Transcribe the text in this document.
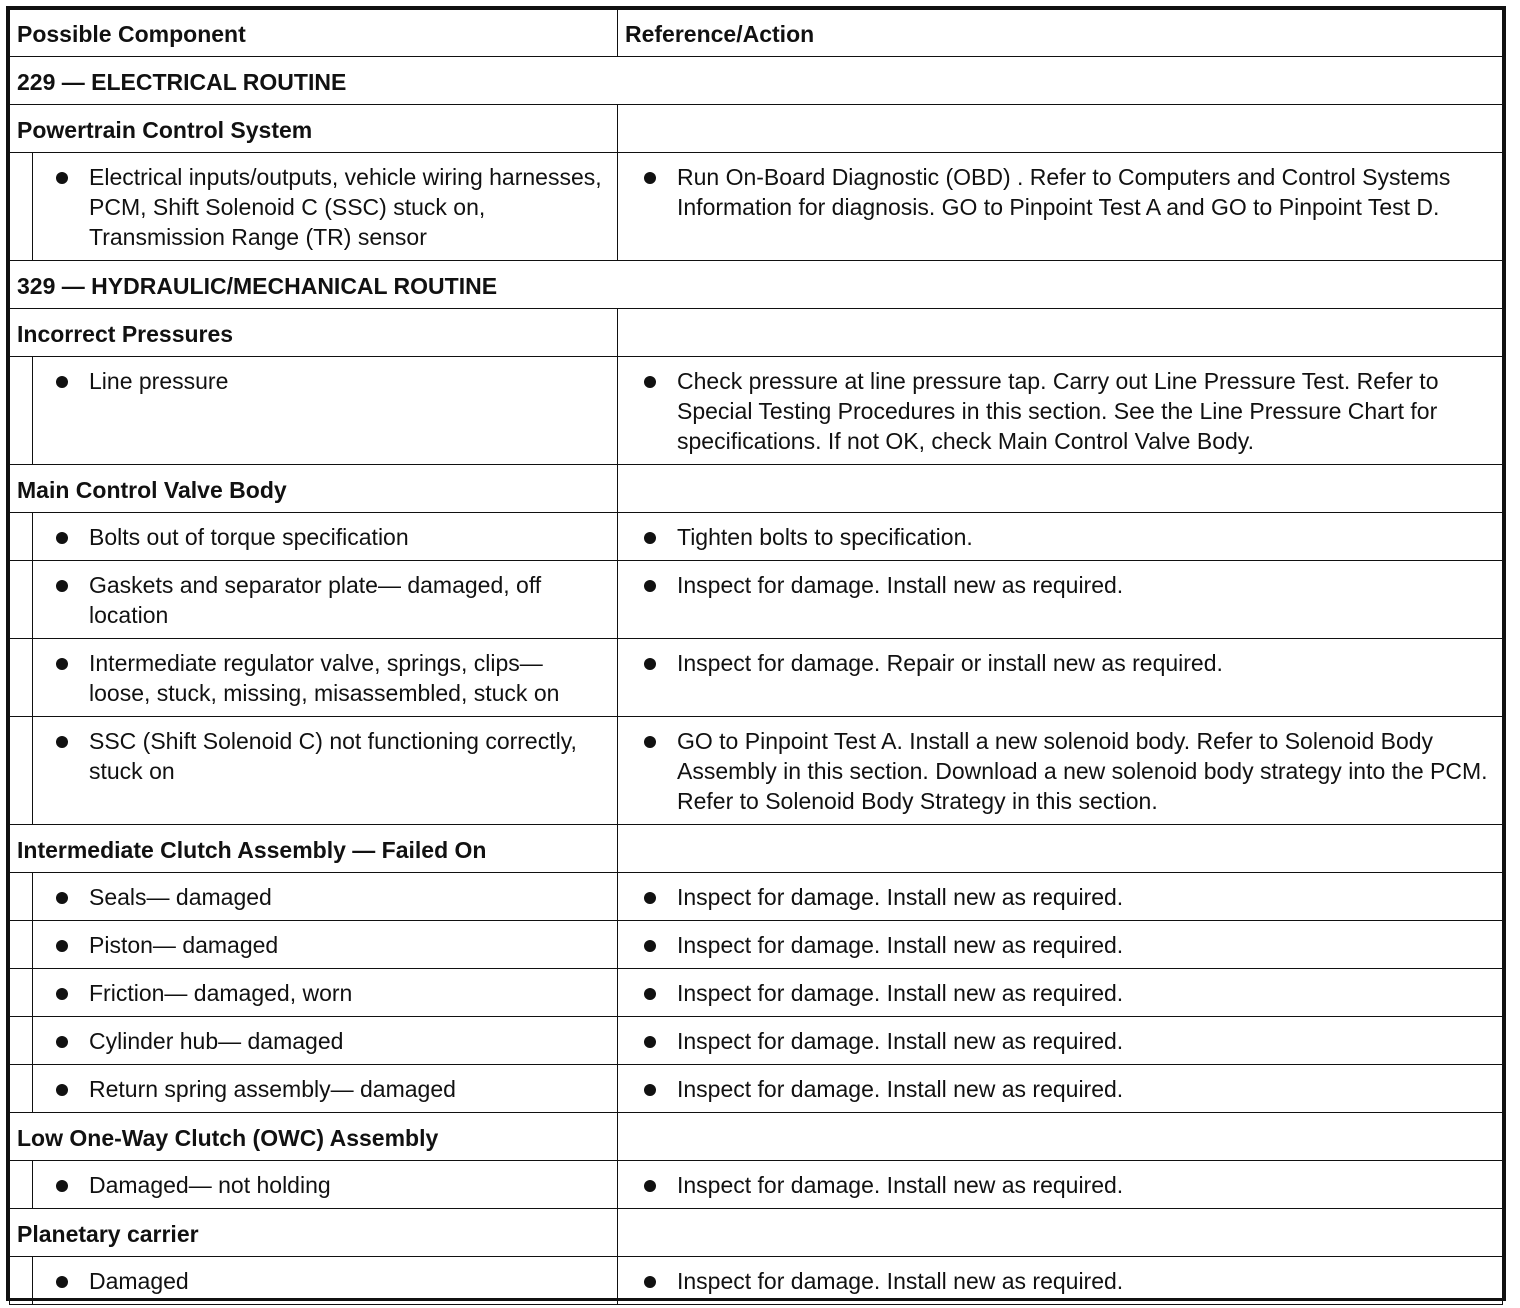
Possible Component	Reference/Action
229 — ELECTRICAL ROUTINE	
Powertrain Control System	

Electrical inputs/outputs, vehicle wiring harnesses, PCM, Shift Solenoid C (SSC) stuck on, Transmission Range (TR) sensor	Run On-Board Diagnostic (OBD) . Refer to Computers and Control Systems Information for diagnosis. GO to Pinpoint Test A and GO to Pinpoint Test D.

329 — HYDRAULIC/MECHANICAL ROUTINE	
Incorrect Pressures	

Line pressure	Check pressure at line pressure tap. Carry out Line Pressure Test. Refer to Special Testing Procedures in this section. See the Line Pressure Chart for specifications. If not OK, check Main Control Valve Body.

Main Control Valve Body	

Bolts out of torque specification	Tighten bolts to specification.

Gaskets and separator plate— damaged, off location	Inspect for damage. Install new as required.

Intermediate regulator valve, springs, clips— loose, stuck, missing, misassembled, stuck on	Inspect for damage. Repair or install new as required.

SSC (Shift Solenoid C) not functioning correctly, stuck on	GO to Pinpoint Test A. Install a new solenoid body. Refer to Solenoid Body Assembly in this section. Download a new solenoid body strategy into the PCM. Refer to Solenoid Body Strategy in this section.

Intermediate Clutch Assembly — Failed On	

Seals— damaged	Inspect for damage. Install new as required.

Piston— damaged	Inspect for damage. Install new as required.

Friction— damaged, worn	Inspect for damage. Install new as required.

Cylinder hub— damaged	Inspect for damage. Install new as required.

Return spring assembly— damaged	Inspect for damage. Install new as required.

Low One-Way Clutch (OWC) Assembly	

Damaged— not holding	Inspect for damage. Install new as required.

Planetary carrier	

Damaged	Inspect for damage. Install new as required.
